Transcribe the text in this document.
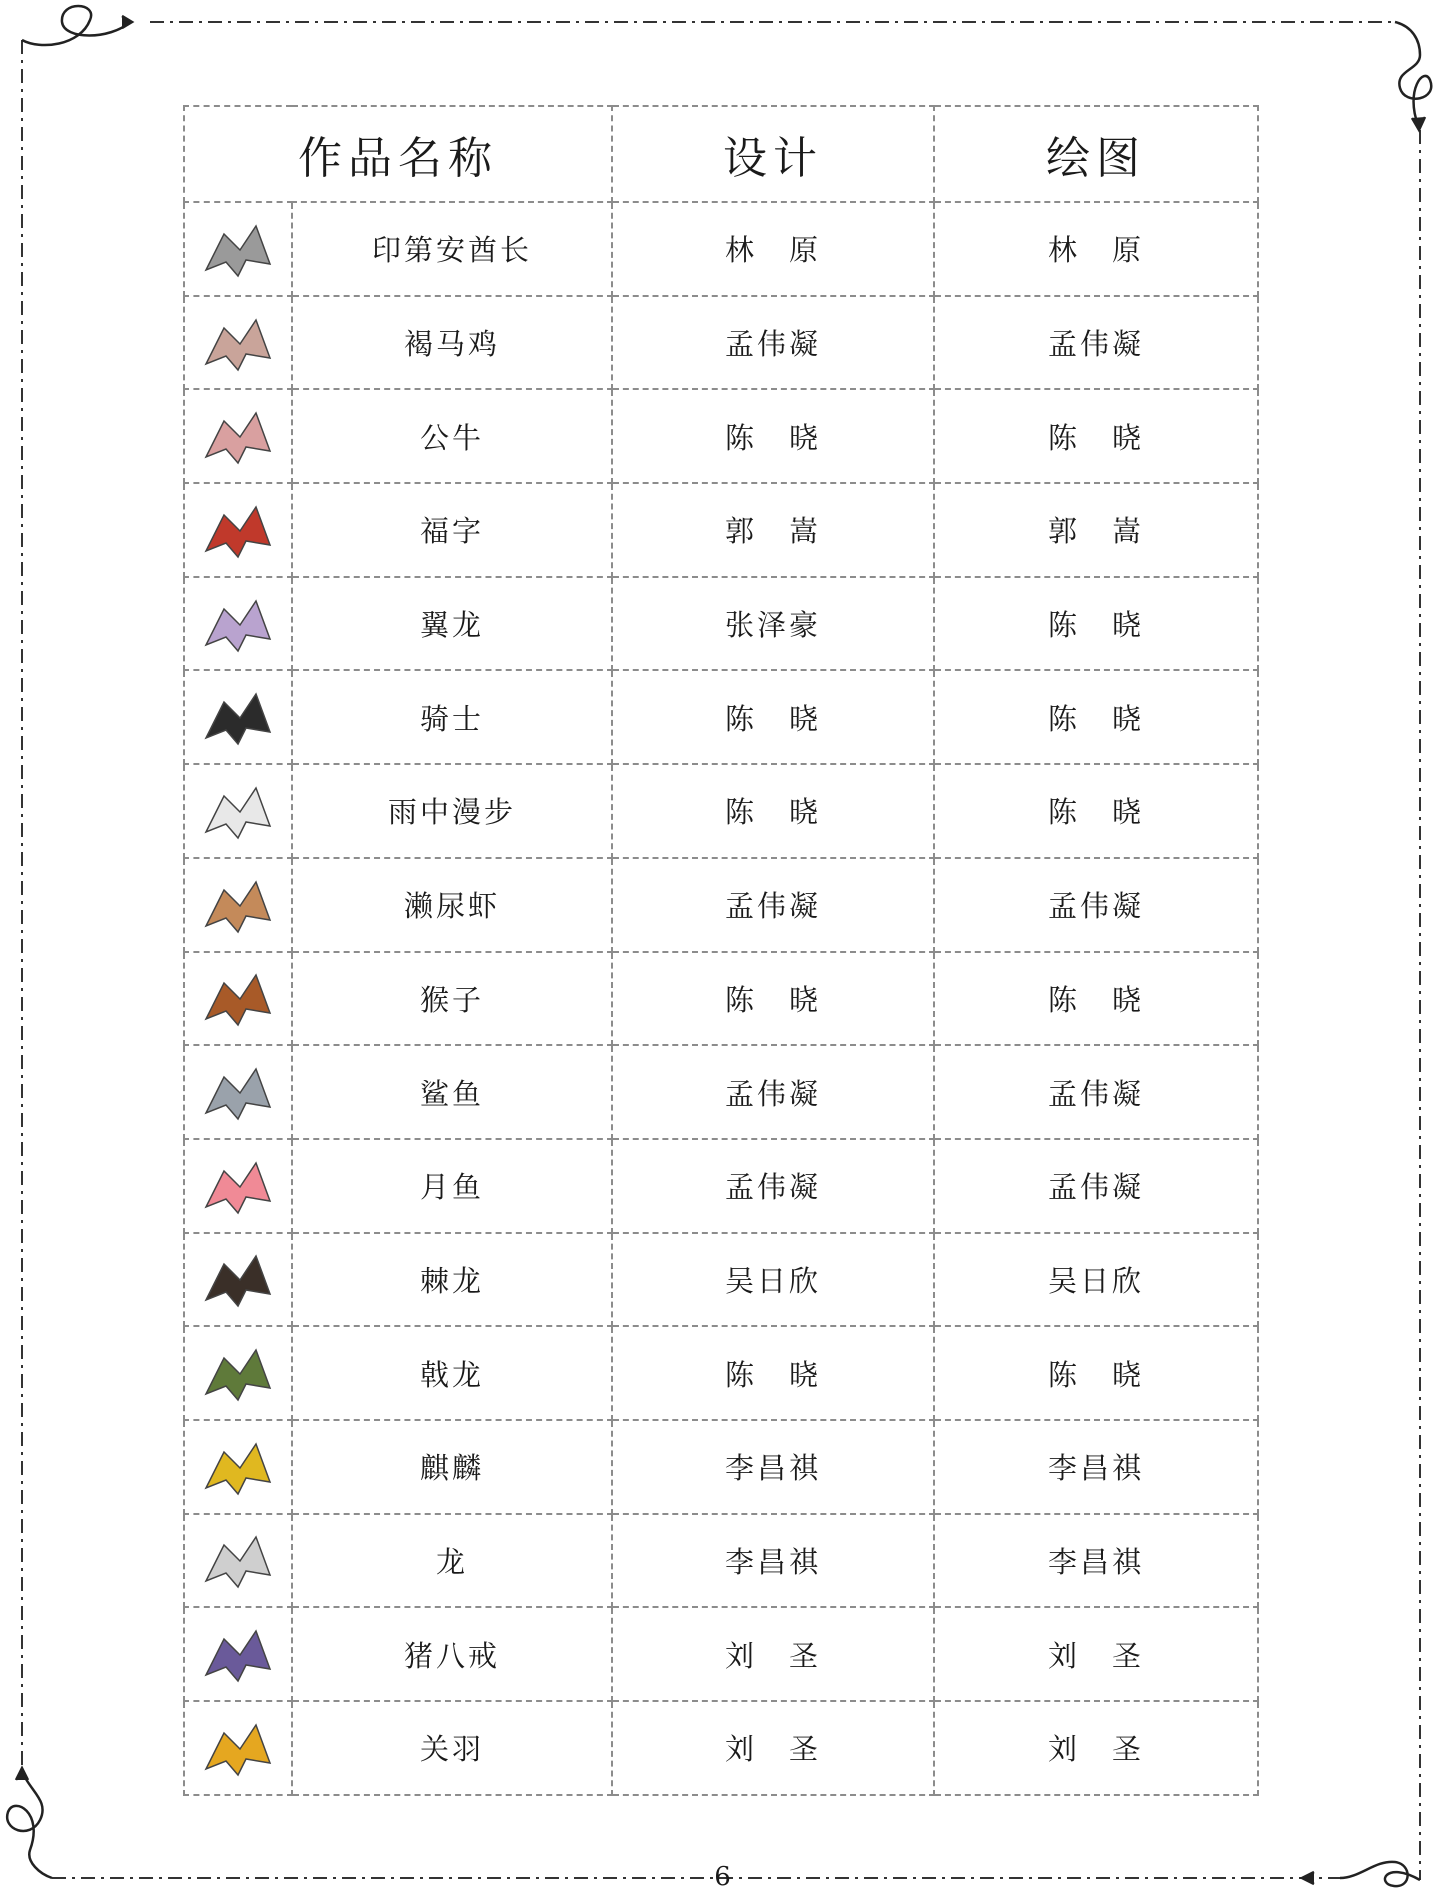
作品名称		设计	绘图

	印第安酋长	林　原	林　原

	褐马鸡	孟伟凝	孟伟凝

	公牛	陈　晓	陈　晓

	福字	郭　嵩	郭　嵩

	翼龙	张泽豪	陈　晓

	骑士	陈　晓	陈　晓

	雨中漫步	陈　晓	陈　晓

	濑尿虾	孟伟凝	孟伟凝

	猴子	陈　晓	陈　晓

	鲨鱼	孟伟凝	孟伟凝

	月鱼	孟伟凝	孟伟凝

	棘龙	吴日欣	吴日欣

	戟龙	陈　晓	陈　晓

	麒麟	李昌祺	李昌祺

	龙	李昌祺	李昌祺

	猪八戒	刘　圣	刘　圣

	关羽	刘　圣	刘　圣
6
